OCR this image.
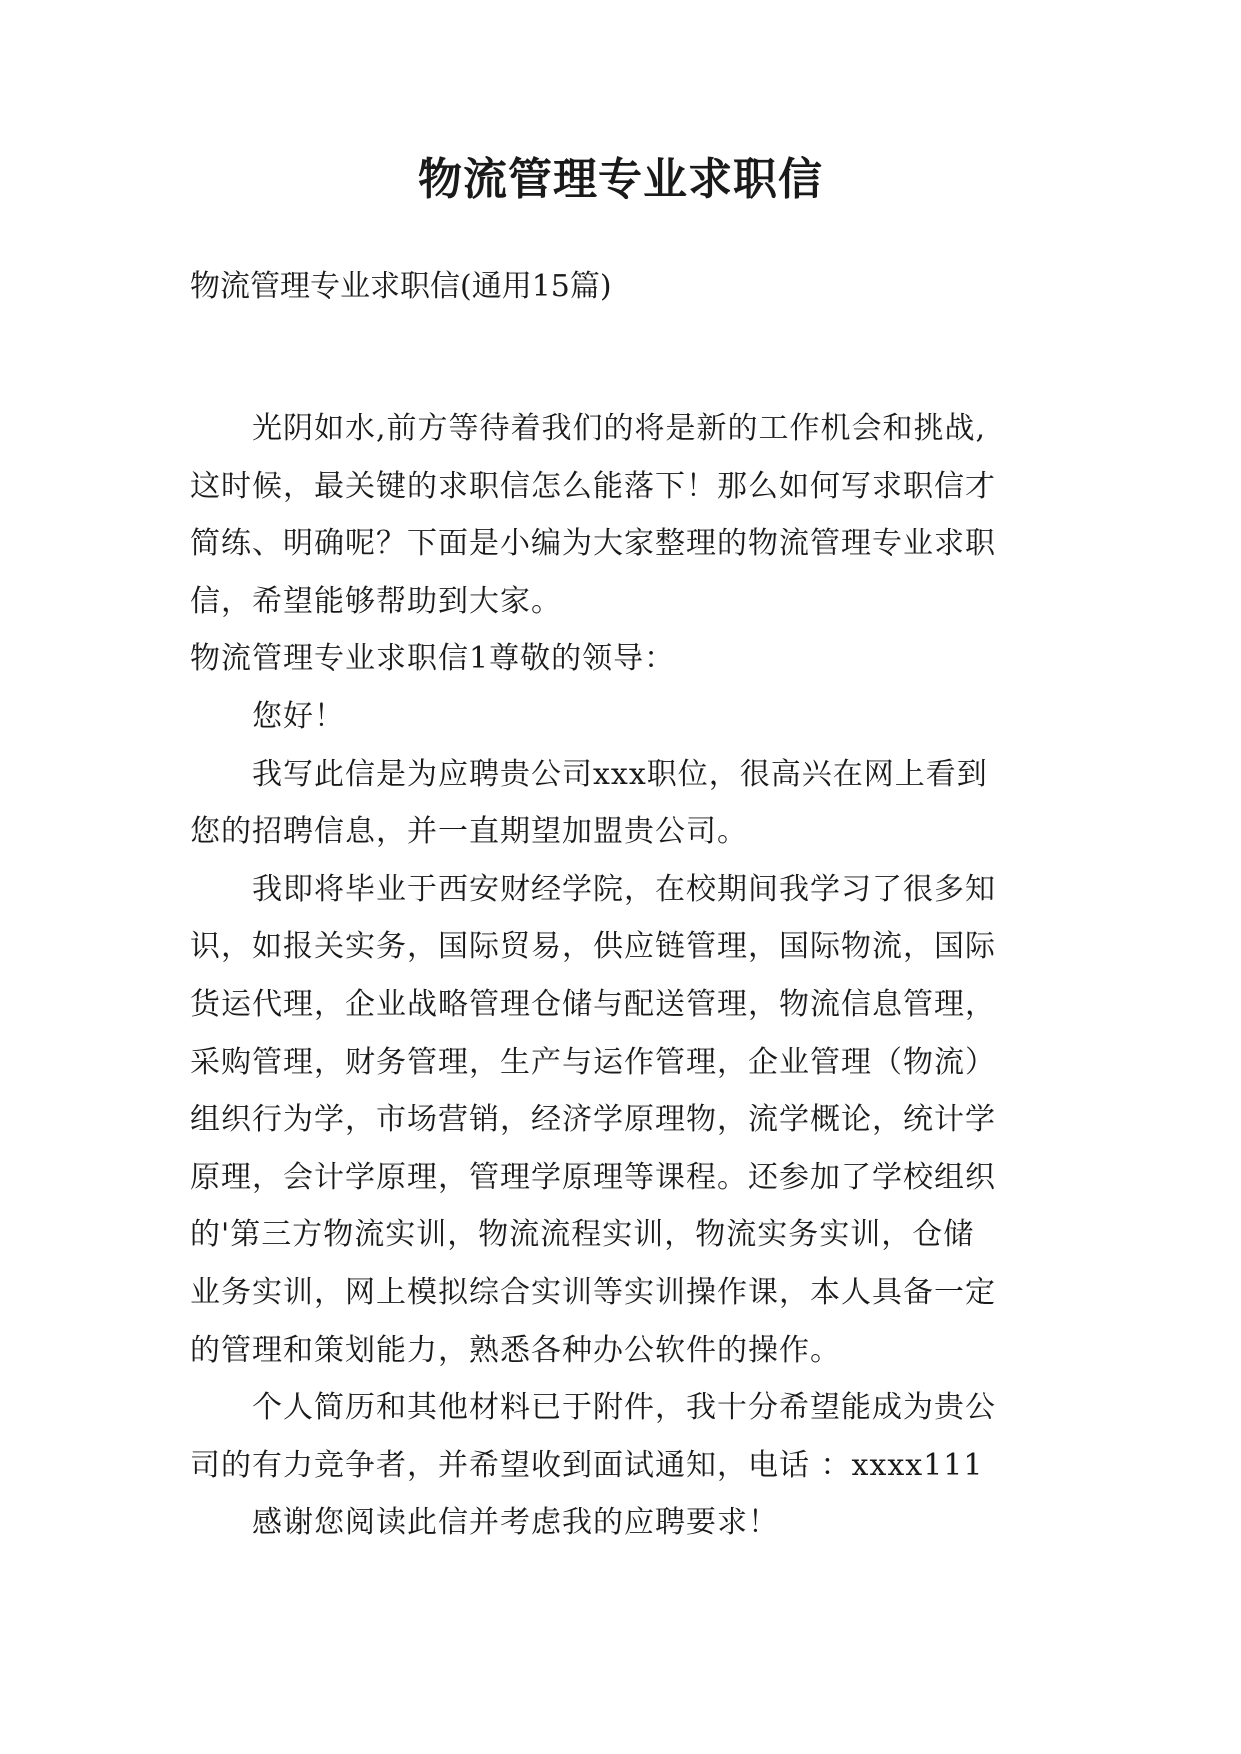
物流管理专业求职信
物流管理专业求职信(通用15篇)

光阴如水,前方等待着我们的将是新的工作机会和挑战,
这时候，最关键的求职信怎么能落下！那么如何写求职信才
简练、明确呢？下面是小编为大家整理的物流管理专业求职
信，希望能够帮助到大家。

物流管理专业求职信1尊敬的领导：

您好！

我写此信是为应聘贵公司xxx职位，很高兴在网上看到
您的招聘信息，并一直期望加盟贵公司。

我即将毕业于西安财经学院，在校期间我学习了很多知
识，如报关实务，国际贸易，供应链管理，国际物流，国际
货运代理，企业战略管理仓储与配送管理，物流信息管理，
采购管理，财务管理，生产与运作管理，企业管理（物流）
组织行为学，市场营销，经济学原理物，流学概论，统计学
原理，会计学原理，管理学原理等课程。还参加了学校组织
的'第三方物流实训，物流流程实训，物流实务实训，仓储
业务实训，网上模拟综合实训等实训操作课，本人具备一定
的管理和策划能力，熟悉各种办公软件的操作。

个人简历和其他材料已于附件，我十分希望能成为贵公
司的有力竞争者，并希望收到面试通知，电话 ：xxxx111

感谢您阅读此信并考虑我的应聘要求！
